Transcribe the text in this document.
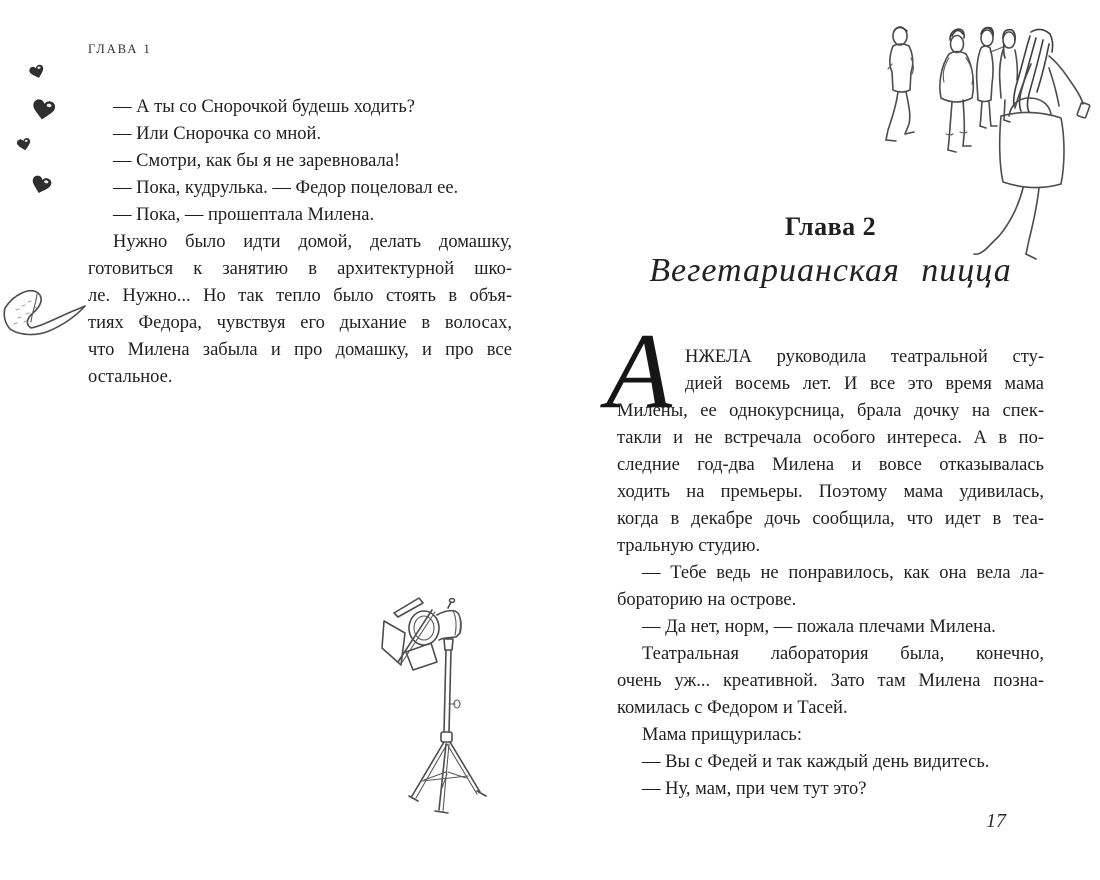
ГЛАВА 1
— А ты со Снорочкой будешь ходить?
— Или Снорочка со мной.
— Смотри, как бы я не заревновала!
— Пока, кудрулька. — Федор поцеловал ее.
— Пока, — прошептала Милена.
Нужно было идти домой, делать домашку,
готовиться к занятию в архитектурной шко-
ле. Нужно... Но так тепло было стоять в объя-
тиях Федора, чувствуя его дыхание в волосах,
что Милена забыла и про домашку, и про все
остальное.
Глава 2
Вегетарианская пицца
А НЖЕЛА руководила театральной сту-
дией восемь лет. И все это время мама
Милены, ее однокурсница, брала дочку на спек-
такли и не встречала особого интереса. А в по-
следние год-два Милена и вовсе отказывалась
ходить на премьеры. Поэтому мама удивилась,
когда в декабре дочь сообщила, что идет в теа-
тральную студию.
— Тебе ведь не понравилось, как она вела ла-
бораторию на острове.
— Да нет, норм, — пожала плечами Милена.
Театральная лаборатория была, конечно,
очень уж... креативной. Зато там Милена позна-
комилась с Федором и Тасей.
Мама прищурилась:
— Вы с Федей и так каждый день видитесь.
— Ну, мам, при чем тут это?
17
